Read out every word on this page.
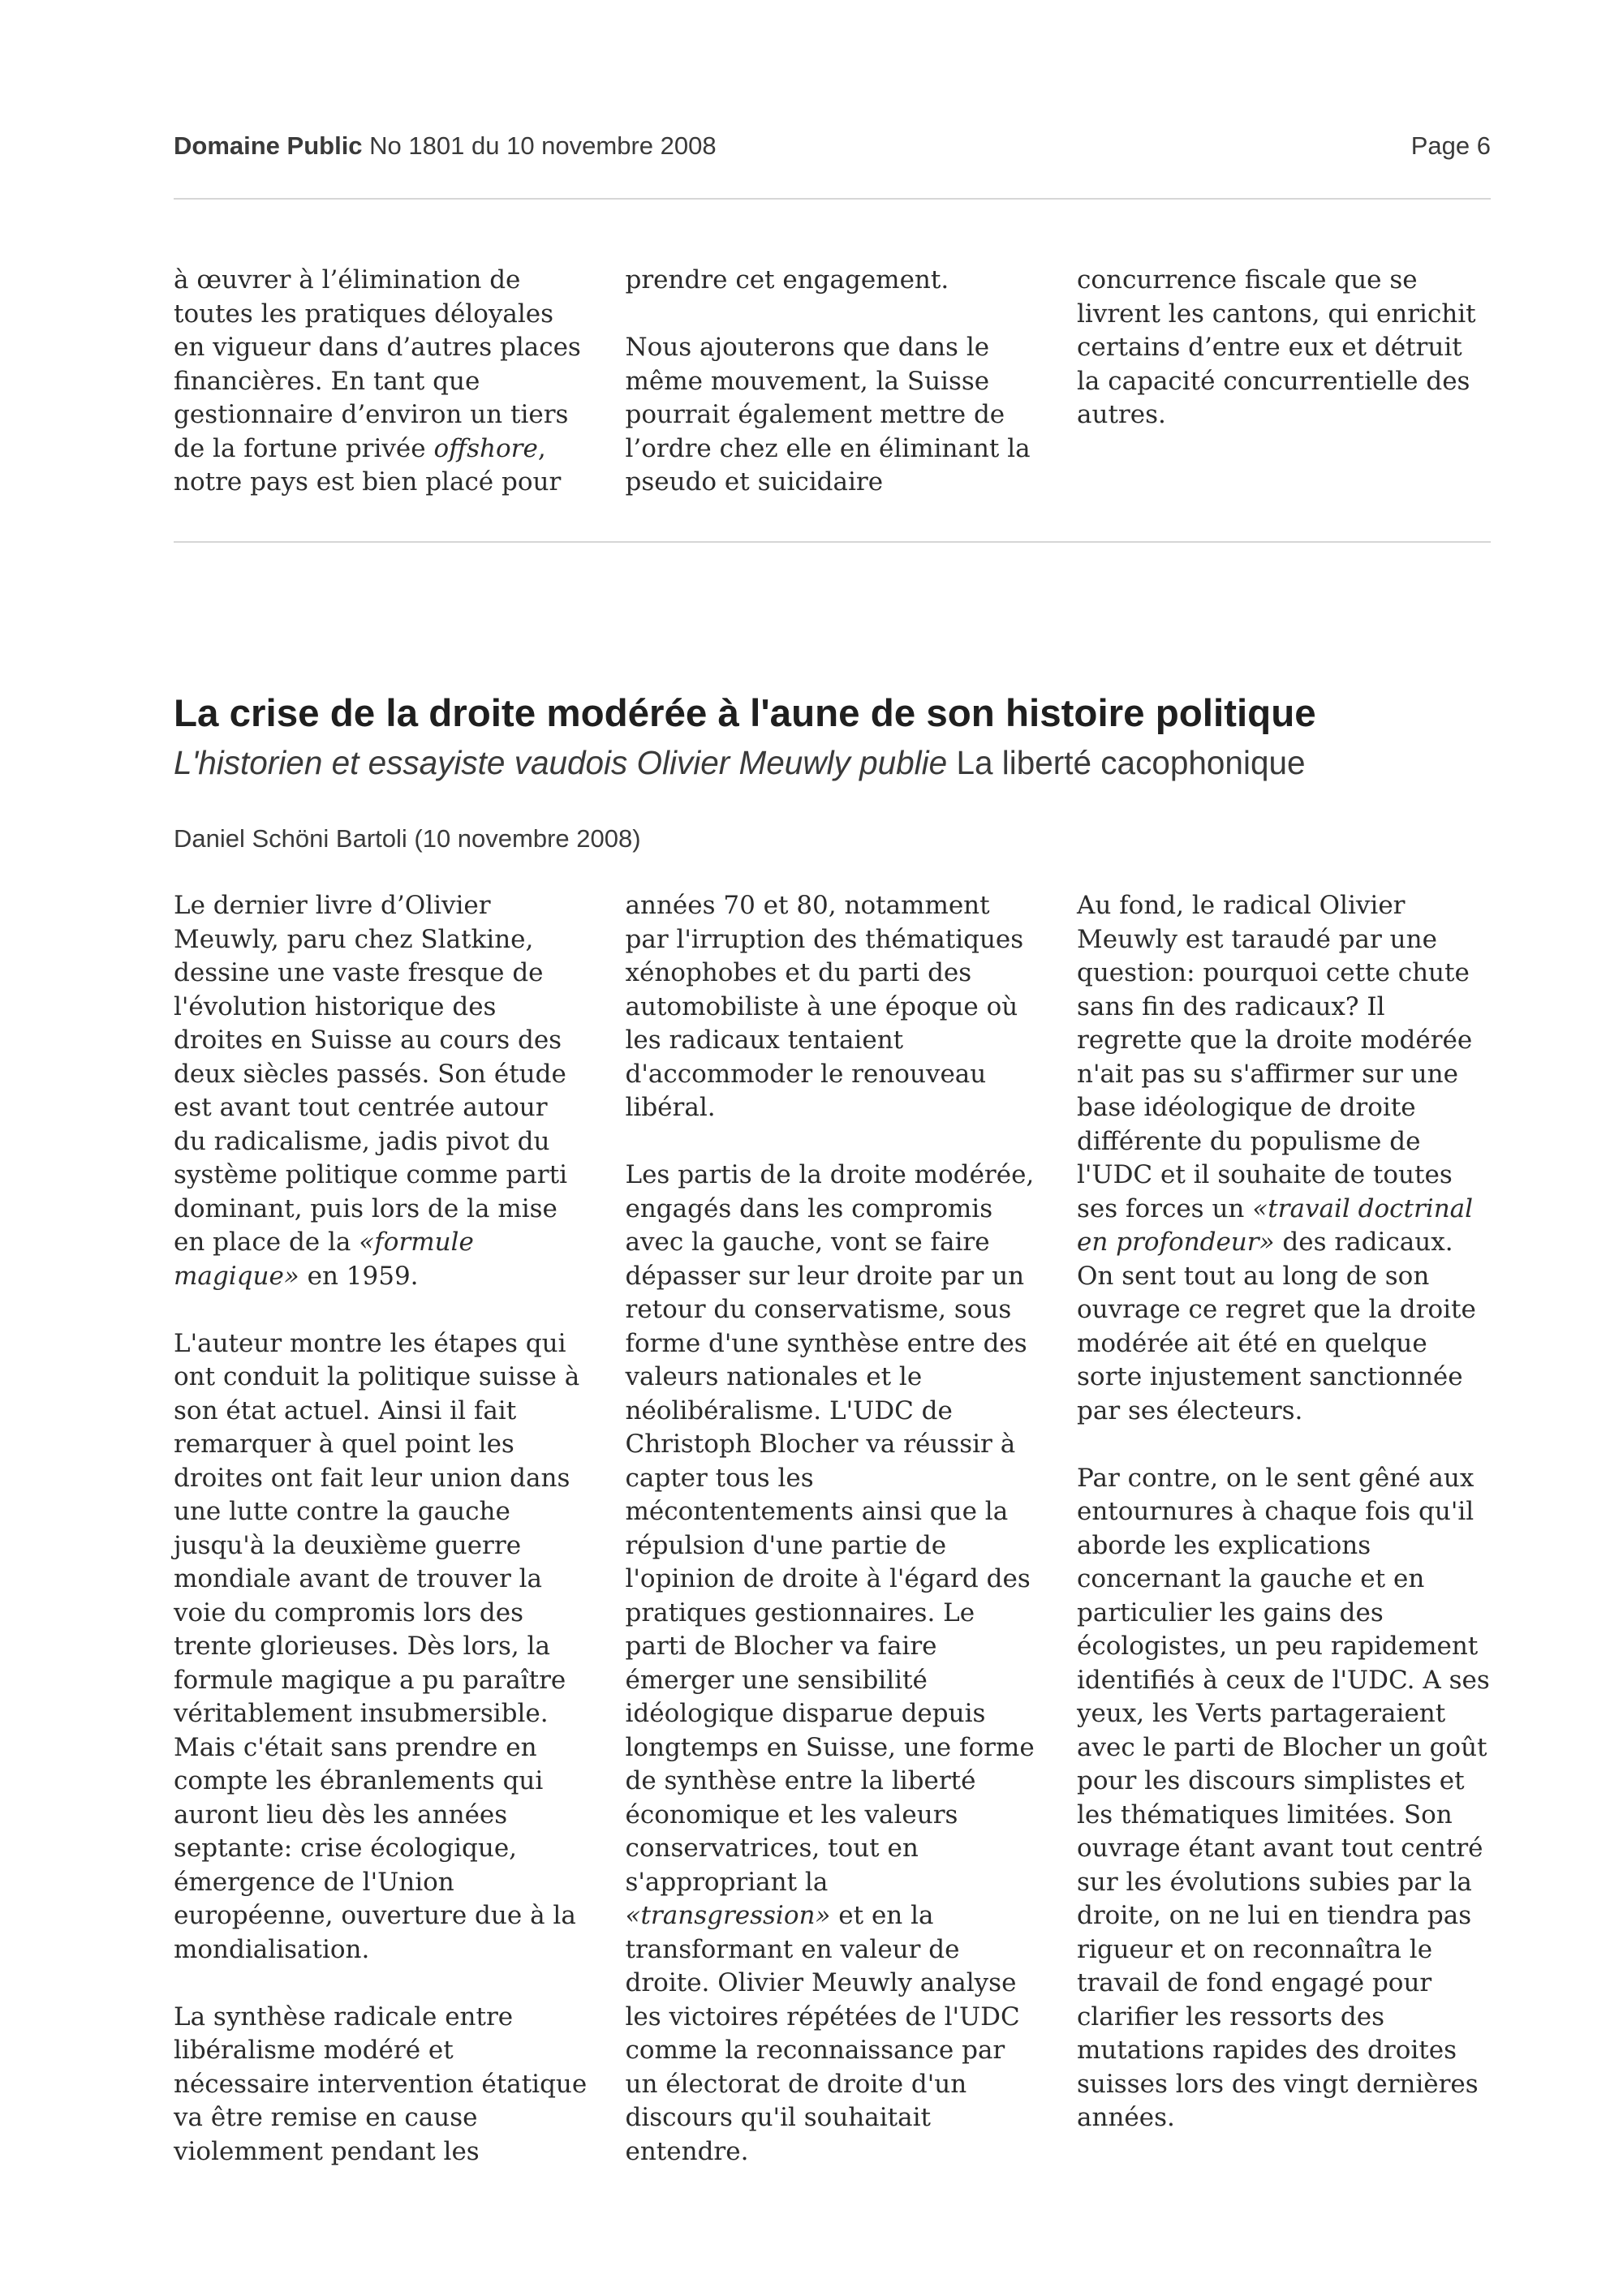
Domaine Public No 1801 du 10 novembre 2008	Page 6

à œuvrer à l’élimination de toutes les pratiques déloyales en vigueur dans d’autres places financières. En tant que gestionnaire d’environ un tiers de la fortune privée offshore, notre pays est bien placé pour

prendre cet engagement.

Nous ajouterons que dans le même mouvement, la Suisse pourrait également mettre de l’ordre chez elle en éliminant la pseudo et suicidaire

concurrence fiscale que se livrent les cantons, qui enrichit certains d’entre eux et détruit la capacité concurrentielle des autres.

La crise de la droite modérée à l'aune de son histoire politique
L'historien et essayiste vaudois Olivier Meuwly publie La liberté cacophonique
Daniel Schöni Bartoli (10 novembre 2008)

Le dernier livre d’Olivier Meuwly, paru chez Slatkine, dessine une vaste fresque de l'évolution historique des droites en Suisse au cours des deux siècles passés. Son étude est avant tout centrée autour du radicalisme, jadis pivot du système politique comme parti dominant, puis lors de la mise en place de la «formule magique» en 1959.

L'auteur montre les étapes qui ont conduit la politique suisse à son état actuel. Ainsi il fait remarquer à quel point les droites ont fait leur union dans une lutte contre la gauche jusqu'à la deuxième guerre mondiale avant de trouver la voie du compromis lors des trente glorieuses. Dès lors, la formule magique a pu paraître véritablement insubmersible. Mais c'était sans prendre en compte les ébranlements qui auront lieu dès les années septante: crise écologique, émergence de l'Union européenne, ouverture due à la mondialisation.

La synthèse radicale entre libéralisme modéré et nécessaire intervention étatique va être remise en cause violemment pendant les

années 70 et 80, notamment par l'irruption des thématiques xénophobes et du parti des automobiliste à une époque où les radicaux tentaient d'accommoder le renouveau libéral.

Les partis de la droite modérée, engagés dans les compromis avec la gauche, vont se faire dépasser sur leur droite par un retour du conservatisme, sous forme d'une synthèse entre des valeurs nationales et le néolibéralisme. L'UDC de Christoph Blocher va réussir à capter tous les mécontentements ainsi que la répulsion d'une partie de l'opinion de droite à l'égard des pratiques gestionnaires. Le parti de Blocher va faire émerger une sensibilité idéologique disparue depuis longtemps en Suisse, une forme de synthèse entre la liberté économique et les valeurs conservatrices, tout en s'appropriant la «transgression» et en la transformant en valeur de droite. Olivier Meuwly analyse les victoires répétées de l'UDC comme la reconnaissance par un électorat de droite d'un discours qu'il souhaitait entendre.

Au fond, le radical Olivier Meuwly est taraudé par une question: pourquoi cette chute sans fin des radicaux? Il regrette que la droite modérée n'ait pas su s'affirmer sur une base idéologique de droite différente du populisme de l'UDC et il souhaite de toutes ses forces un «travail doctrinal en profondeur» des radicaux. On sent tout au long de son ouvrage ce regret que la droite modérée ait été en quelque sorte injustement sanctionnée par ses électeurs.

Par contre, on le sent gêné aux entournures à chaque fois qu'il aborde les explications concernant la gauche et en particulier les gains des écologistes, un peu rapidement identifiés à ceux de l'UDC. A ses yeux, les Verts partageraient avec le parti de Blocher un goût pour les discours simplistes et les thématiques limitées. Son ouvrage étant avant tout centré sur les évolutions subies par la droite, on ne lui en tiendra pas rigueur et on reconnaîtra le travail de fond engagé pour clarifier les ressorts des mutations rapides des droites suisses lors des vingt dernières années.
